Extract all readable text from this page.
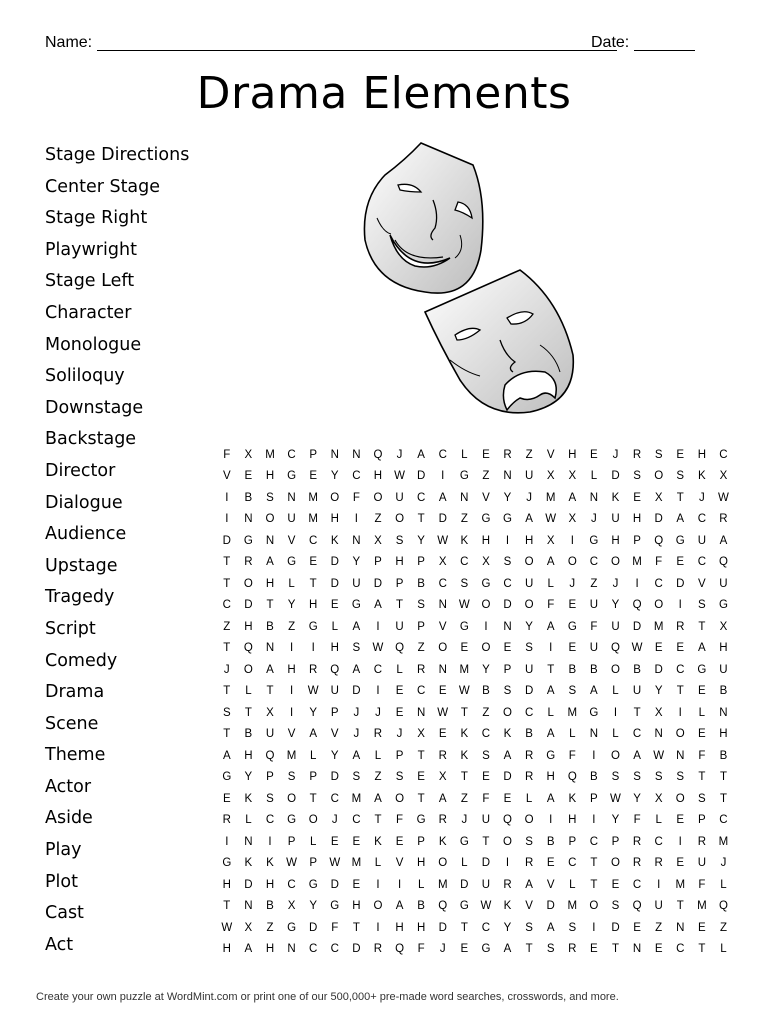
Name:	Date:
Drama Elements
Stage Directions
Center Stage
Stage Right
Playwright
Stage Left
Character
Monologue
Soliloquy
Downstage
Backstage
Director
Dialogue
Audience
Upstage
Tragedy
Script
Comedy
Drama
Scene
Theme
Actor
Aside
Play
Plot
Cast
Act
F	X	M	C	P	N	N	Q	J	A	C	L	E	R	Z	V	H	E	J	R	S	E	H	C
V	E	H	G	E	Y	C	H	W	D	I	G	Z	N	U	X	X	L	D	S	O	S	K	X
I	B	S	N	M	O	F	O	U	C	A	N	V	Y	J	M	A	N	K	E	X	T	J	W
I	N	O	U	M	H	I	Z	O	T	D	Z	G	G	A	W	X	J	U	H	D	A	C	R
D	G	N	V	C	K	N	X	S	Y	W	K	H	I	H	X	I	G	H	P	Q	G	U	A
T	R	A	G	E	D	Y	P	H	P	X	C	X	S	O	A	O	C	O	M	F	E	C	Q
T	O	H	L	T	D	U	D	P	B	C	S	G	C	U	L	J	Z	J	I	C	D	V	U
C	D	T	Y	H	E	G	A	T	S	N	W	O	D	O	F	E	U	Y	Q	O	I	S	G
Z	H	B	Z	G	L	A	I	U	P	V	G	I	N	Y	A	G	F	U	D	M	R	T	X
T	Q	N	I	I	H	S	W	Q	Z	O	E	O	E	S	I	E	U	Q	W	E	E	A	H
J	O	A	H	R	Q	A	C	L	R	N	M	Y	P	U	T	B	B	O	B	D	C	G	U
T	L	T	I	W	U	D	I	E	C	E	W	B	S	D	A	S	A	L	U	Y	T	E	B
S	T	X	I	Y	P	J	J	E	N	W	T	Z	O	C	L	M	G	I	T	X	I	L	N
T	B	U	V	A	V	J	R	J	X	E	K	C	K	B	A	L	N	L	C	N	O	E	H
A	H	Q	M	L	Y	A	L	P	T	R	K	S	A	R	G	F	I	O	A	W	N	F	B
G	Y	P	S	P	D	S	Z	S	E	X	T	E	D	R	H	Q	B	S	S	S	S	T	T
E	K	S	O	T	C	M	A	O	T	A	Z	F	E	L	A	K	P	W	Y	X	O	S	T
R	L	C	G	O	J	C	T	F	G	R	J	U	Q	O	I	H	I	Y	F	L	E	P	C
I	N	I	P	L	E	E	K	E	P	K	G	T	O	S	B	P	C	P	R	C	I	R	M
G	K	K	W	P	W	M	L	V	H	O	L	D	I	R	E	C	T	O	R	R	E	U	J
H	D	H	C	G	D	E	I	I	L	M	D	U	R	A	V	L	T	E	C	I	M	F	L
T	N	B	X	Y	G	H	O	A	B	Q	G	W	K	V	D	M	O	S	Q	U	T	M	Q
W	X	Z	G	D	F	T	I	H	H	D	T	C	Y	S	A	S	I	D	E	Z	N	E	Z
H	A	H	N	C	C	D	R	Q	F	J	E	G	A	T	S	R	E	T	N	E	C	T	L
Create your own puzzle at WordMint.com or print one of our 500,000+ pre-made word searches, crosswords, and more.
